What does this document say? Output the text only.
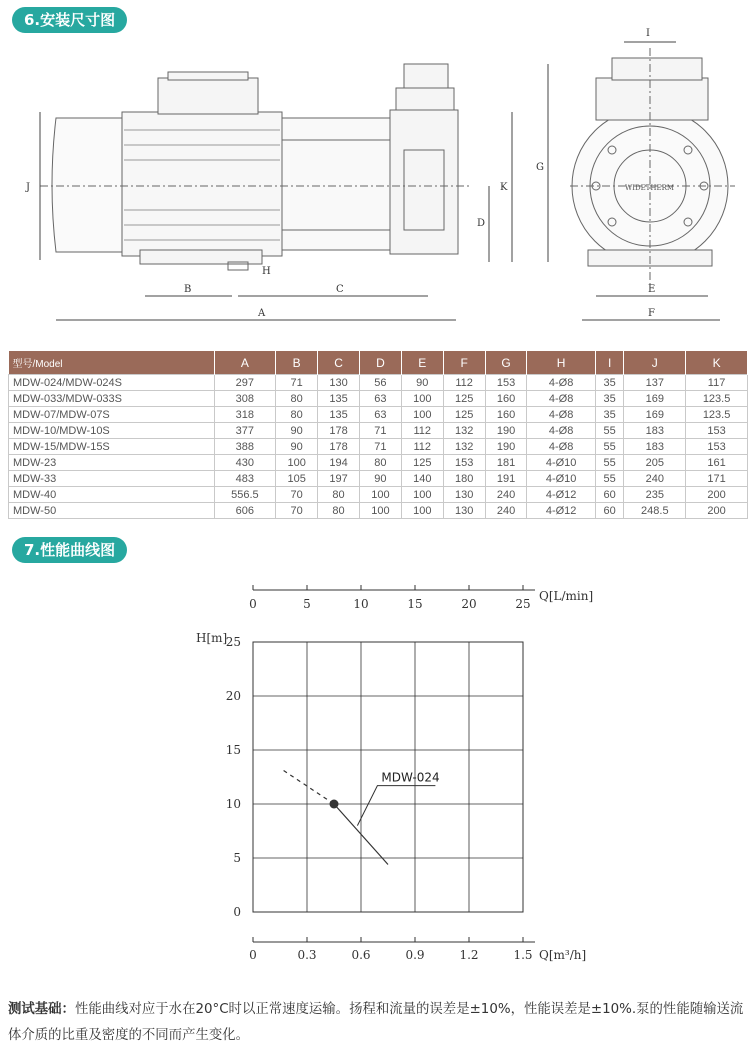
6.安装尺寸图
J
B
H
C
A
D
K
G
I
E
F
WIDETHERM
型号/Model	A	B	C	D	E	F	G	H	I	J	K
MDW-024/MDW-024S	297	71	130	56	90	112	153	4-Ø8	35	137	117
MDW-033/MDW-033S	308	80	135	63	100	125	160	4-Ø8	35	169	123.5
MDW-07/MDW-07S	318	80	135	63	100	125	160	4-Ø8	35	169	123.5
MDW-10/MDW-10S	377	90	178	71	112	132	190	4-Ø8	55	183	153
MDW-15/MDW-15S	388	90	178	71	112	132	190	4-Ø8	55	183	153
MDW-23	430	100	194	80	125	153	181	4-Ø10	55	205	161
MDW-33	483	105	197	90	140	180	191	4-Ø10	55	240	171
MDW-40	556.5	70	80	100	100	130	240	4-Ø12	60	235	200
MDW-50	606	70	80	100	100	130	240	4-Ø12	60	248.5	200
7.性能曲线图
0	5	10	15	20	25
Q[L/min]
0	0.3	0.6	0.9	1.2	1.5 Q[m³/h]
0
5
10
15
20
25
H[m]
MDW-024
测试基础：性能曲线对应于水在20°C时以正常速度运输。扬程和流量的误差是±10%，性能误差是±10%.泵的性能随输送流体介质的比重及密度的不同而产生变化。
